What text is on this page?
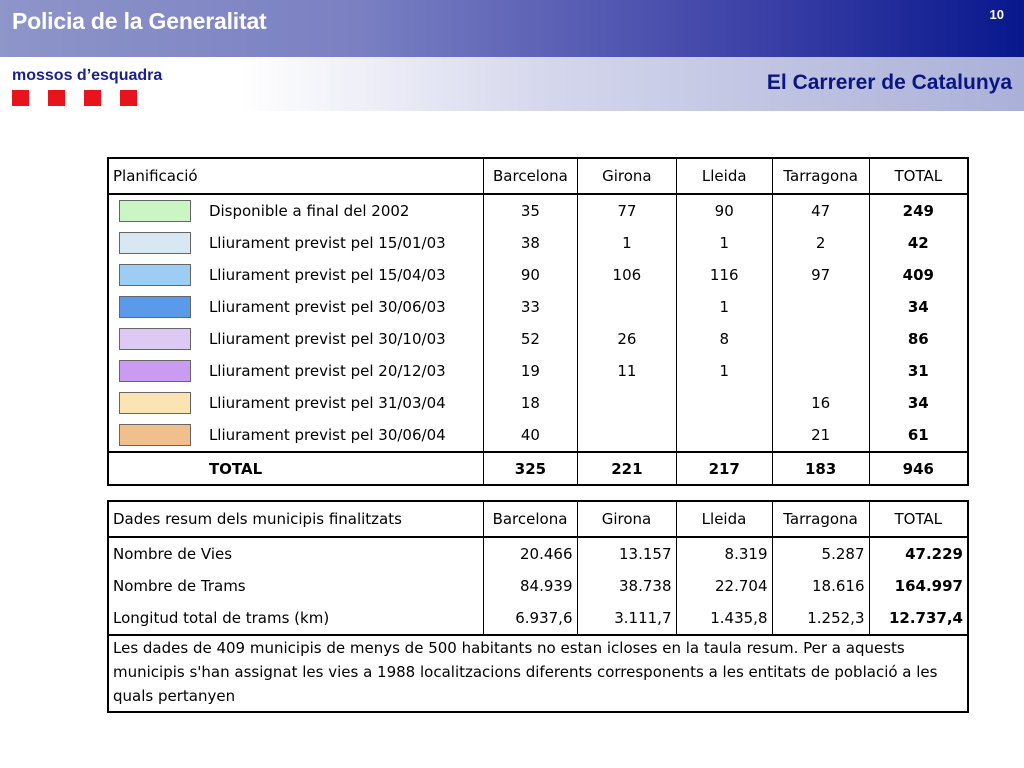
Policia de la Generalitat	10
mossos d’esquadra	El Carrerer de Catalunya
Planificació		Barcelona	Girona	Lleida	Tarragona	TOTAL
	Disponible a final del 2002	35	77	90	47	249
	Lliurament previst pel 15/01/03	38	1	1	2	42
	Lliurament previst pel 15/04/03	90	106	116	97	409
	Lliurament previst pel 30/06/03	33		1		34
	Lliurament previst pel 30/10/03	52	26	8		86
	Lliurament previst pel 20/12/03	19	11	1		31
	Lliurament previst pel 31/03/04	18			16	34
	Lliurament previst pel 30/06/04	40			21	61
	TOTAL	325	221	217	183	946
Dades resum dels municipis finalitzats	Barcelona	Girona	Lleida	Tarragona	TOTAL
Nombre de Vies	20.466	13.157	8.319	5.287	47.229
Nombre de Trams	84.939	38.738	22.704	18.616	164.997
Longitud total de trams (km)	6.937,6	3.111,7	1.435,8	1.252,3	12.737,4
Les dades de 409 municipis de menys de 500 habitants no estan icloses en la taula resum. Per a aquests municipis s'han assignat les vies a 1988 localitzacions diferents corresponents a les entitats de població a les quals pertanyen					
